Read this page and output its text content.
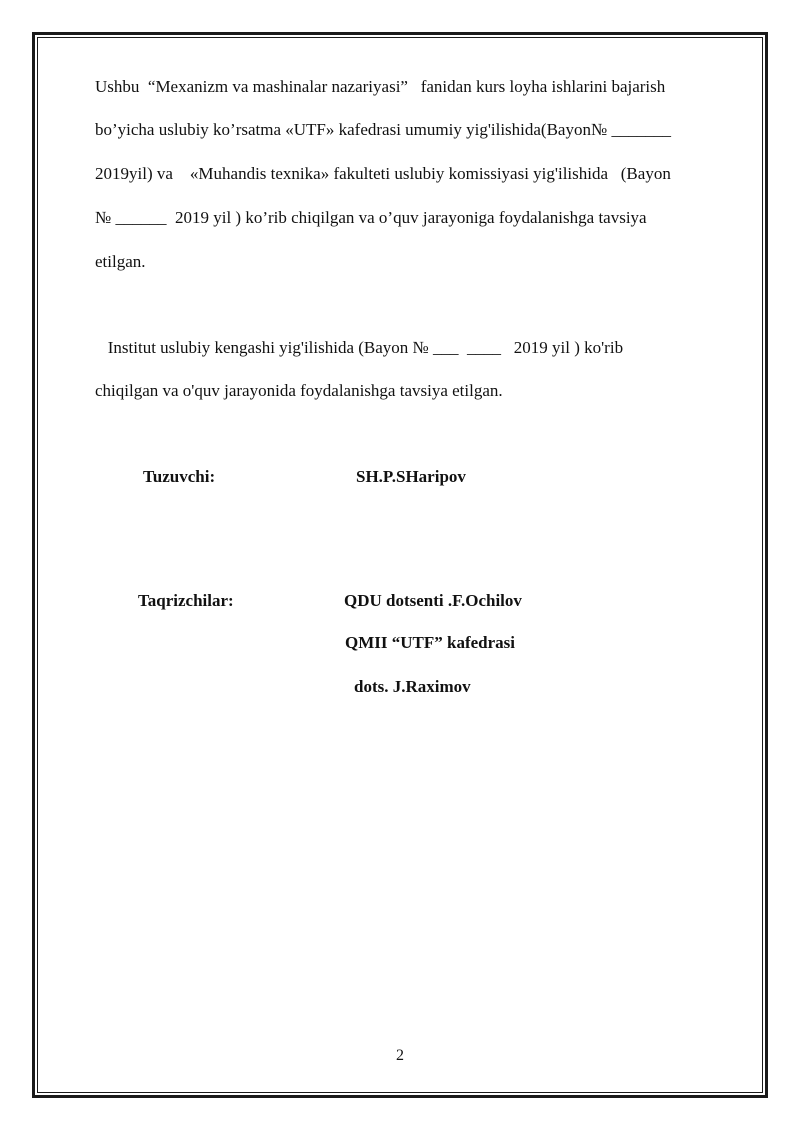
Ushbu  “Mexanizm va mashinalar nazariyasi”   fanidan kurs loyha ishlarini bajarish

bo’yicha uslubiy ko’rsatma «UTF» kafedrasi umumiy yig'ilishida(Bayon№ _______

2019yil) va    «Muhandis texnika» fakulteti uslubiy komissiyasi yig'ilishida   (Bayon

№ ______  2019 yil ) ko’rib chiqilgan va o’quv jarayoniga foydalanishga tavsiya

etilgan.

Institut uslubiy kengashi yig'ilishida (Bayon № ___  ____   2019 yil ) ko'rib

chiqilgan va o'quv jarayonida foydalanishga tavsiya etilgan.

Tuzuvchi:	SH.P.SHaripov
Taqrizchilar:	QDU dotsenti .F.Ochilov
QMII “UTF” kafedrasi
dots. J.Raximov
2
